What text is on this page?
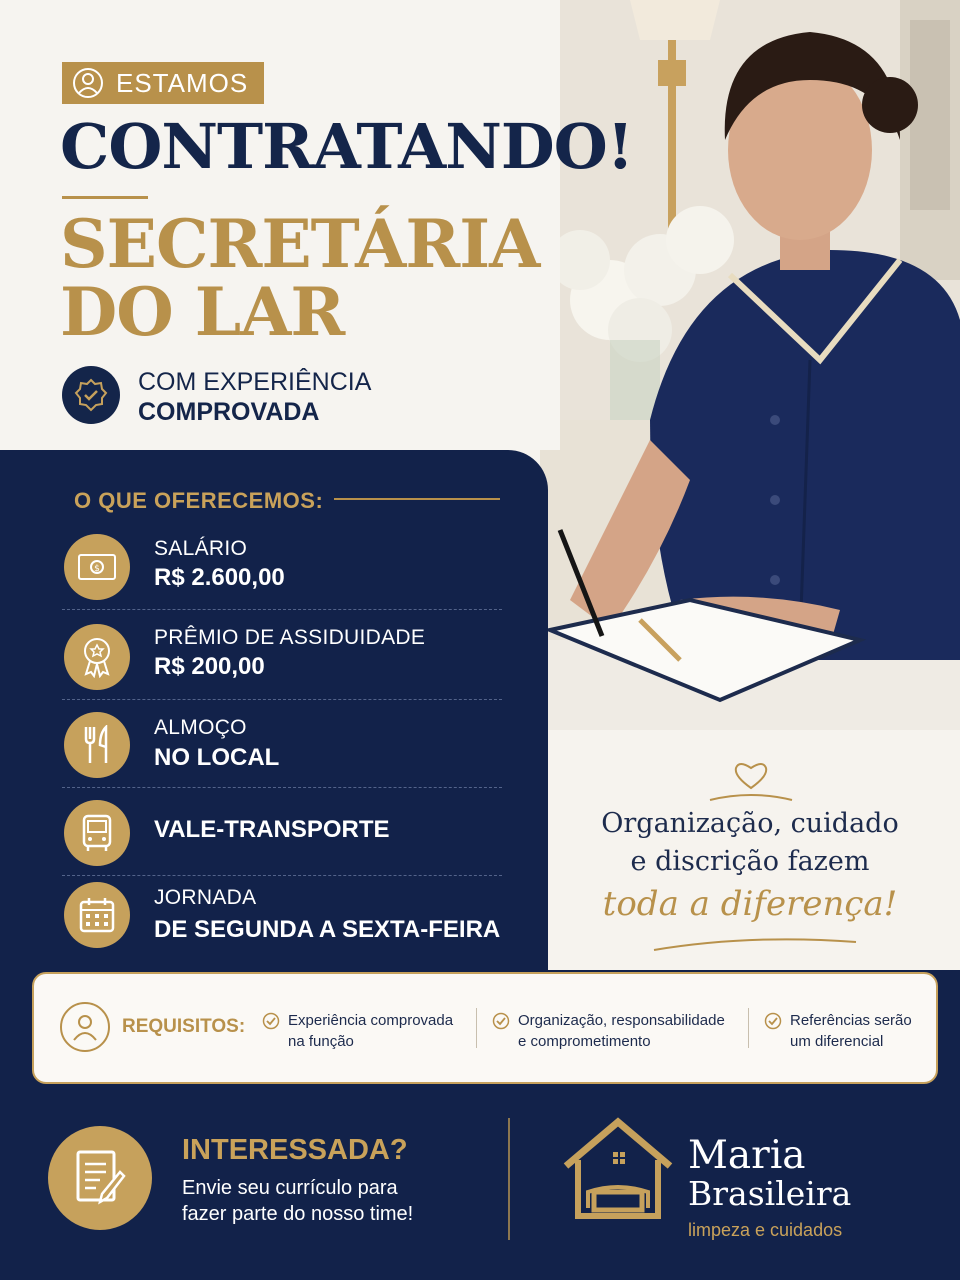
ESTAMOS
CONTRATANDO!
SECRETÁRIA
DO LAR
COM EXPERIÊNCIA
COMPROVADA
O QUE OFERECEMOS:
$
SALÁRIO
R$ 2.600,00
PRÊMIO DE ASSIDUIDADE
R$ 200,00
ALMOÇO
NO LOCAL
VALE-TRANSPORTE
JORNADA
DE SEGUNDA A SEXTA-FEIRA
Organização, cuidado
e discrição fazem
toda a diferença!
REQUISITOS:	Experiência comprovada
na função
Organização, responsabilidade
e comprometimento
Referências serão
um diferencial
INTERESSADA?
Envie seu currículo para
fazer parte do nosso time!
Maria
Brasileira
limpeza e cuidados
